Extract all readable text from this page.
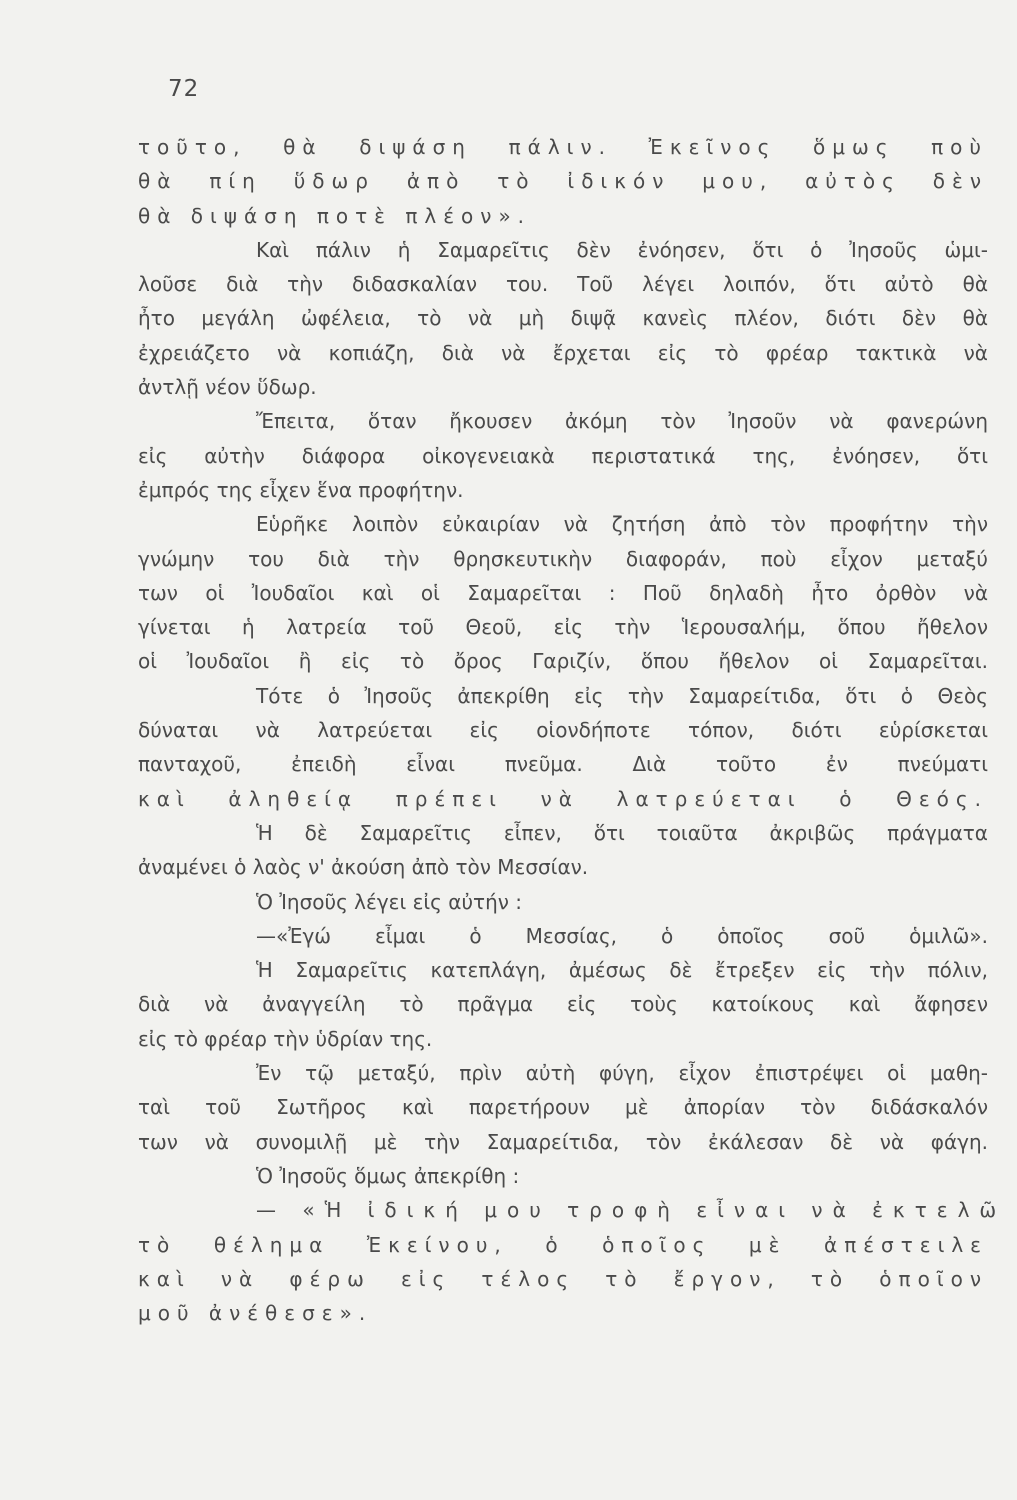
72
τοῦτο, θὰ διψάση πάλιν. Ἐκεῖνος ὅμως ποὺ
θὰ πίη ὕδωρ ἀπὸ τὸ ἰδικόν μου, αὐτὸς δὲν
θὰ διψάση ποτὲ πλέον».
Καὶ πάλιν ἡ Σαμαρεῖτις δὲν ἐνόησεν, ὅτι ὁ Ἰησοῦς ὡμι-
λοῦσε διὰ τὴν διδασκαλίαν του. Τοῦ λέγει λοιπόν, ὅτι αὐτὸ θὰ
ἦτο μεγάλη ὠφέλεια, τὸ νὰ μὴ διψᾷ κανεὶς πλέον, διότι δὲν θὰ
ἐχρειάζετο νὰ κοπιάζη, διὰ νὰ ἔρχεται εἰς τὸ φρέαρ τακτικὰ νὰ
ἀντλῇ νέον ὕδωρ.
Ἔπειτα, ὅταν ἤκουσεν ἀκόμη τὸν Ἰησοῦν νὰ φανερώνη
εἰς αὐτὴν διάφορα οἰκογενειακὰ περιστατικά της, ἐνόησεν, ὅτι
ἐμπρός της εἶχεν ἕνα προφήτην.
Εὑρῆκε λοιπὸν εὐκαιρίαν νὰ ζητήση ἀπὸ τὸν προφήτην τὴν
γνώμην του διὰ τὴν θρησκευτικὴν διαφοράν, ποὺ εἶχον μεταξύ
των οἱ Ἰουδαῖοι καὶ οἱ Σαμαρεῖται : Ποῦ δηλαδὴ ἦτο ὀρθὸν νὰ
γίνεται ἡ λατρεία τοῦ Θεοῦ, εἰς τὴν Ἱερουσαλήμ, ὅπου ἤθελον
οἱ Ἰουδαῖοι ἢ εἰς τὸ ὄρος Γαριζίν, ὅπου ἤθελον οἱ Σαμαρεῖται.
Τότε ὁ Ἰησοῦς ἀπεκρίθη εἰς τὴν Σαμαρείτιδα, ὅτι ὁ Θεὸς
δύναται νὰ λατρεύεται εἰς οἱονδήποτε τόπον, διότι εὑρίσκεται
πανταχοῦ, ἐπειδὴ εἶναι πνεῦμα. Διὰ τοῦτο ἐν πνεύματι
καὶ ἀληθείᾳ πρέπει νὰ λατρεύεται ὁ Θεός.
Ἡ δὲ Σαμαρεῖτις εἶπεν, ὅτι τοιαῦτα ἀκριβῶς πράγματα
ἀναμένει ὁ λαὸς ν' ἀκούση ἀπὸ τὸν Μεσσίαν.
Ὁ Ἰησοῦς λέγει εἰς αὐτήν :
—«Ἐγώ εἶμαι ὁ Μεσσίας, ὁ ὁποῖος σοῦ ὁμιλῶ».
Ἡ Σαμαρεῖτις κατεπλάγη, ἀμέσως δὲ ἔτρεξεν εἰς τὴν πόλιν,
διὰ νὰ ἀναγγείλη τὸ πρᾶγμα εἰς τοὺς κατοίκους καὶ ἄφησεν
εἰς τὸ φρέαρ τὴν ὑδρίαν της.
Ἐν τῷ μεταξύ, πρὶν αὐτὴ φύγη, εἶχον ἐπιστρέψει οἱ μαθη-
ταὶ τοῦ Σωτῆρος καὶ παρετήρουν μὲ ἀπορίαν τὸν διδάσκαλόν
των νὰ συνομιλῇ μὲ τὴν Σαμαρείτιδα, τὸν ἐκάλεσαν δὲ νὰ φάγη.
Ὁ Ἰησοῦς ὅμως ἀπεκρίθη :
— «Ἡ ἰδική μου τροφὴ εἶναι νὰ ἐκτελῶ
τὸ θέλημα Ἐκείνου, ὁ ὁποῖος μὲ ἀπέστειλε
καὶ νὰ φέρω εἰς τέλος τὸ ἔργον, τὸ ὁποῖον
μοῦ ἀνέθεσε».
